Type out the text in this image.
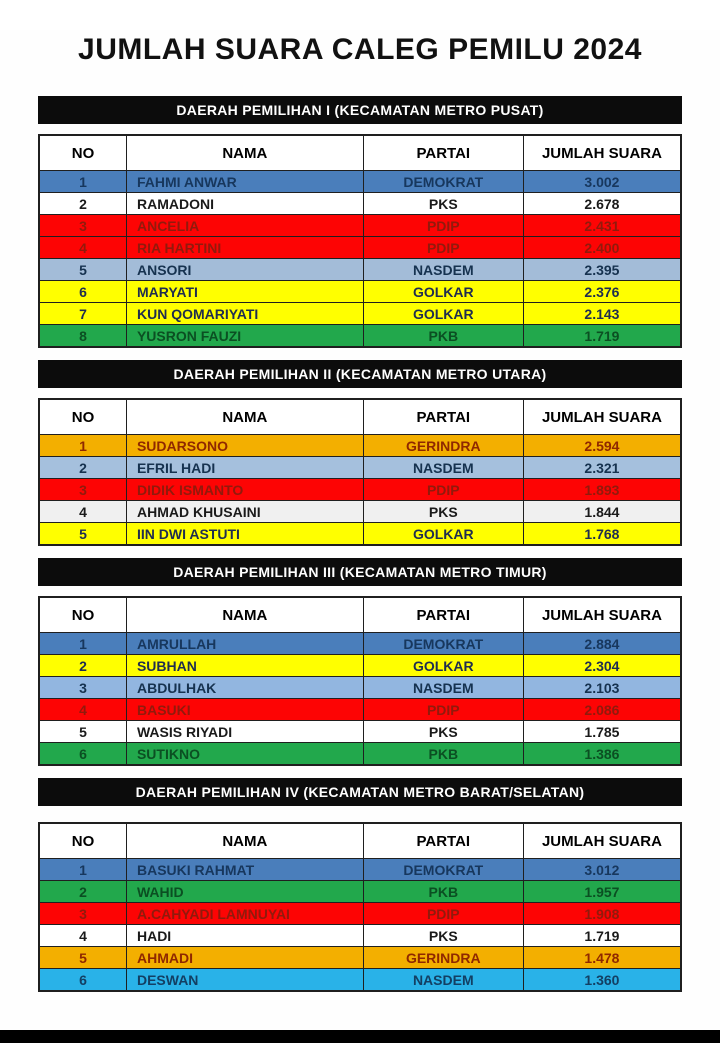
JUMLAH SUARA CALEG PEMILU 2024
DAERAH PEMILIHAN I (KECAMATAN METRO PUSAT)
NO	NAMA	PARTAI	JUMLAH SUARA
1	FAHMI ANWAR	DEMOKRAT	3.002
2	RAMADONI	PKS	2.678
3	ANCELIA	PDIP	2.431
4	RIA HARTINI	PDIP	2.400
5	ANSORI	NASDEM	2.395
6	MARYATI	GOLKAR	2.376
7	KUN QOMARIYATI	GOLKAR	2.143
8	YUSRON FAUZI	PKB	1.719
DAERAH PEMILIHAN II (KECAMATAN METRO UTARA)
NO	NAMA	PARTAI	JUMLAH SUARA
1	SUDARSONO	GERINDRA	2.594
2	EFRIL HADI	NASDEM	2.321
3	DIDIK ISMANTO	PDIP	1.893
4	AHMAD KHUSAINI	PKS	1.844
5	IIN DWI ASTUTI	GOLKAR	1.768
DAERAH PEMILIHAN III (KECAMATAN METRO TIMUR)
NO	NAMA	PARTAI	JUMLAH SUARA
1	AMRULLAH	DEMOKRAT	2.884
2	SUBHAN	GOLKAR	2.304
3	ABDULHAK	NASDEM	2.103
4	BASUKI	PDIP	2.086
5	WASIS RIYADI	PKS	1.785
6	SUTIKNO	PKB	1.386
DAERAH PEMILIHAN IV (KECAMATAN METRO BARAT/SELATAN)
NO	NAMA	PARTAI	JUMLAH SUARA
1	BASUKI RAHMAT	DEMOKRAT	3.012
2	WAHID	PKB	1.957
3	A.CAHYADI LAMNUYAI	PDIP	1.908
4	HADI	PKS	1.719
5	AHMADI	GERINDRA	1.478
6	DESWAN	NASDEM	1.360
